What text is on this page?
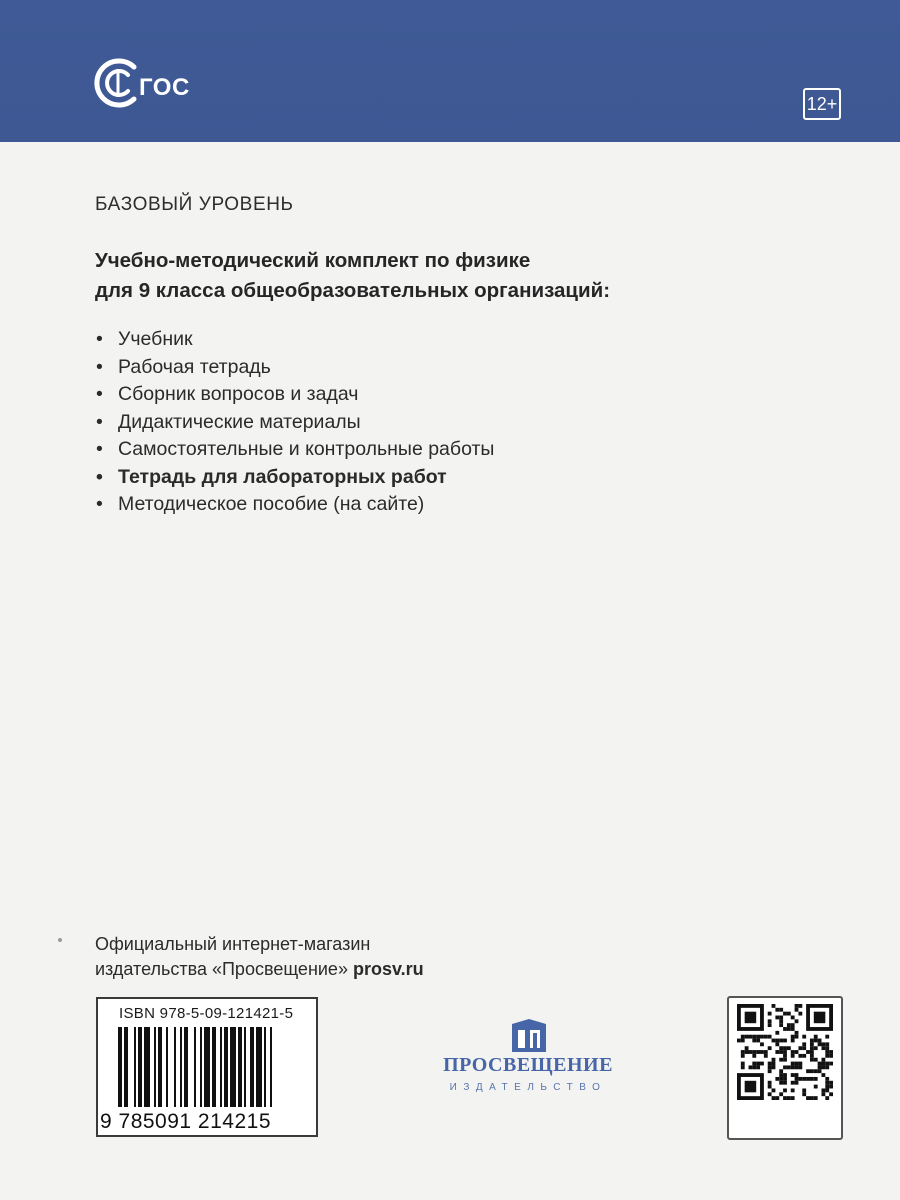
ГОС
12+
БАЗОВЫЙ УРОВЕНЬ
Учебно-методический комплект по физике
для 9 класса общеобразовательных организаций:
• Учебник
• Рабочая тетрадь
• Сборник вопросов и задач
• Дидактические материалы
• Самостоятельные и контрольные работы
• Тетрадь для лабораторных работ
• Методическое пособие (на сайте)
Официальный интернет-магазин
издательства «Просвещение» prosv.ru
ISBN 978-5-09-121421-5
9 785091 214215
ПРОСВЕЩЕНИЕ
ИЗДАТЕЛЬСТВО
